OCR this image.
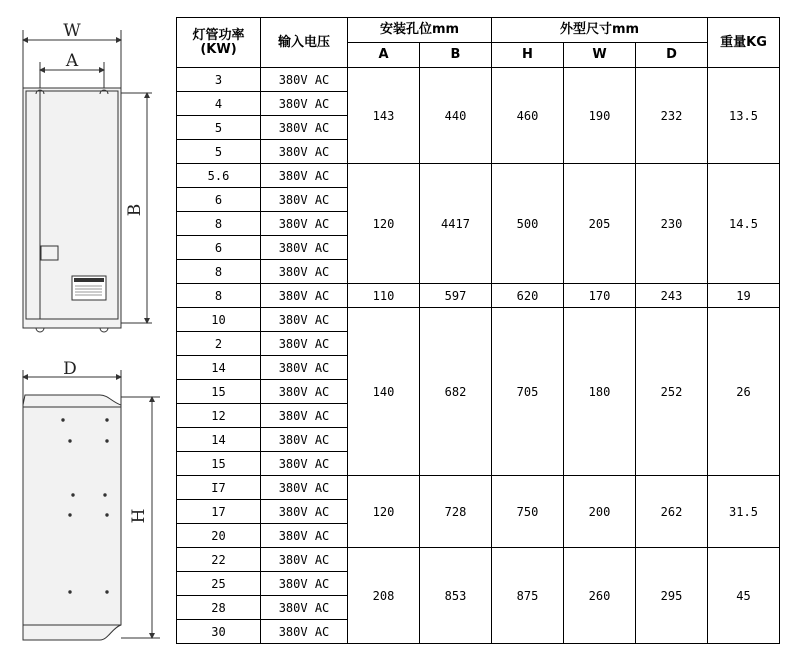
W
A
B
D
H
灯管功率
(KW)	输入电压	安装孔位mm		外型尺寸mm			重量KG
		A	B	H	W	D	
3	380V AC	143	440	460	190	232	13.5
4	380V AC						
5	380V AC						
5	380V AC						
5.6	380V AC	120	4417	500	205	230	14.5
6	380V AC						
8	380V AC						
6	380V AC						
8	380V AC						
8	380V AC	110	597	620	170	243	19
10	380V AC	140	682	705	180	252	26
2	380V AC						
14	380V AC						
15	380V AC						
12	380V AC						
14	380V AC						
15	380V AC						
I7	380V AC	120	728	750	200	262	31.5
17	380V AC						
20	380V AC						
22	380V AC	208	853	875	260	295	45
25	380V AC						
28	380V AC						
30	380V AC						
